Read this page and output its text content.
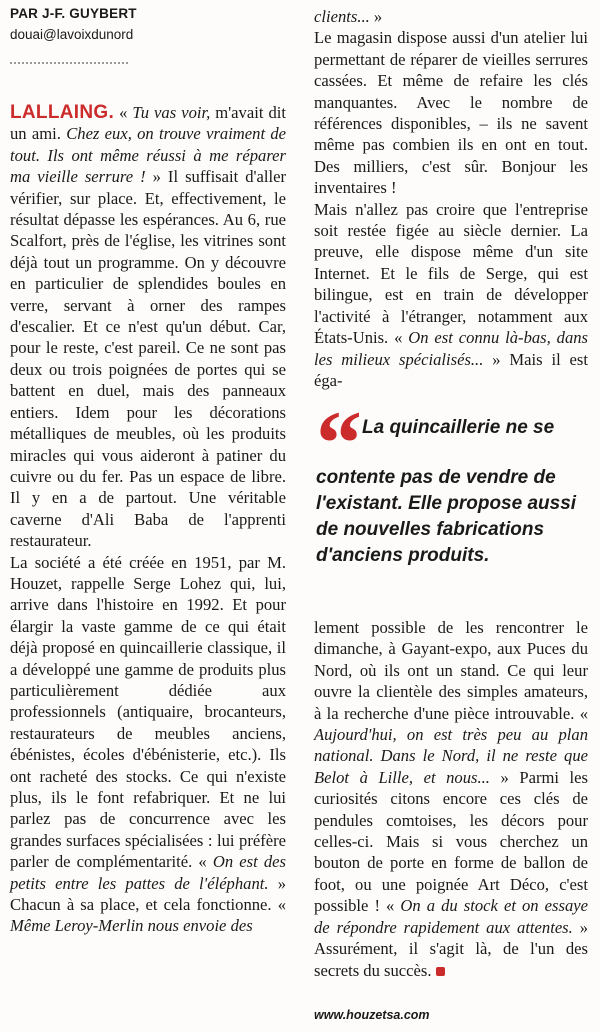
PAR J-F. GUYBERT
douai@lavoixdunord

LALLAING. « Tu vas voir, m'avait dit un ami. Chez eux, on trouve vraiment de tout. Ils ont même réussi à me réparer ma vieille serrure ! » Il suffisait d'aller vérifier, sur place. Et, effectivement, le résultat dépasse les espérances. Au 6, rue Scalfort, près de l'église, les vitrines sont déjà tout un programme. On y découvre en particulier de splendides boules en verre, servant à orner des rampes d'escalier. Et ce n'est qu'un début. Car, pour le reste, c'est pareil. Ce ne sont pas deux ou trois poignées de portes qui se battent en duel, mais des panneaux entiers. Idem pour les décorations métalliques de meubles, où les produits miracles qui vous aideront à patiner du cuivre ou du fer. Pas un espace de libre. Il y en a de partout. Une véritable caverne d'Ali Baba de l'apprenti restaurateur.

La société a été créée en 1951, par M. Houzet, rappelle Serge Lohez qui, lui, arrive dans l'histoire en 1992. Et pour élargir la vaste gamme de ce qui était déjà proposé en quincaillerie classique, il a développé une gamme de produits plus particulièrement dédiée aux professionnels (antiquaire, brocanteurs, restaurateurs de meubles anciens, ébénistes, écoles d'ébénisterie, etc.). Ils ont racheté des stocks. Ce qui n'existe plus, ils le font refabriquer. Et ne lui parlez pas de concurrence avec les grandes surfaces spécialisées : lui préfère parler de complémentarité. « On est des petits entre les pattes de l'éléphant. » Chacun à sa place, et cela fonctionne. « Même Leroy-Merlin nous envoie des

clients... »

Le magasin dispose aussi d'un atelier lui permettant de réparer de vieilles serrures cassées. Et même de refaire les clés manquantes. Avec le nombre de références disponibles, – ils ne savent même pas combien ils en ont en tout. Des milliers, c'est sûr. Bonjour les inventaires !

Mais n'allez pas croire que l'entreprise soit restée figée au siècle dernier. La preuve, elle dispose même d'un site Internet. Et le fils de Serge, qui est bilingue, est en train de développer l'activité à l'étranger, notamment aux États-Unis. « On est connu là-bas, dans les milieux spécialisés... » Mais il est éga-

“ La quincaillerie ne se contente pas de vendre de l'existant. Elle propose aussi de nouvelles fabrications d'anciens produits.

lement possible de les rencontrer le dimanche, à Gayant-expo, aux Puces du Nord, où ils ont un stand. Ce qui leur ouvre la clientèle des simples amateurs, à la recherche d'une pièce introuvable. « Aujourd'hui, on est très peu au plan national. Dans le Nord, il ne reste que Belot à Lille, et nous... » Parmi les curiosités citons encore ces clés de pendules comtoises, les décors pour celles-ci. Mais si vous cherchez un bouton de porte en forme de ballon de foot, ou une poignée Art Déco, c'est possible ! « On a du stock et on essaye de répondre rapidement aux attentes. » Assurément, il s'agit là, de l'un des secrets du succès.

www.houzetsa.com
